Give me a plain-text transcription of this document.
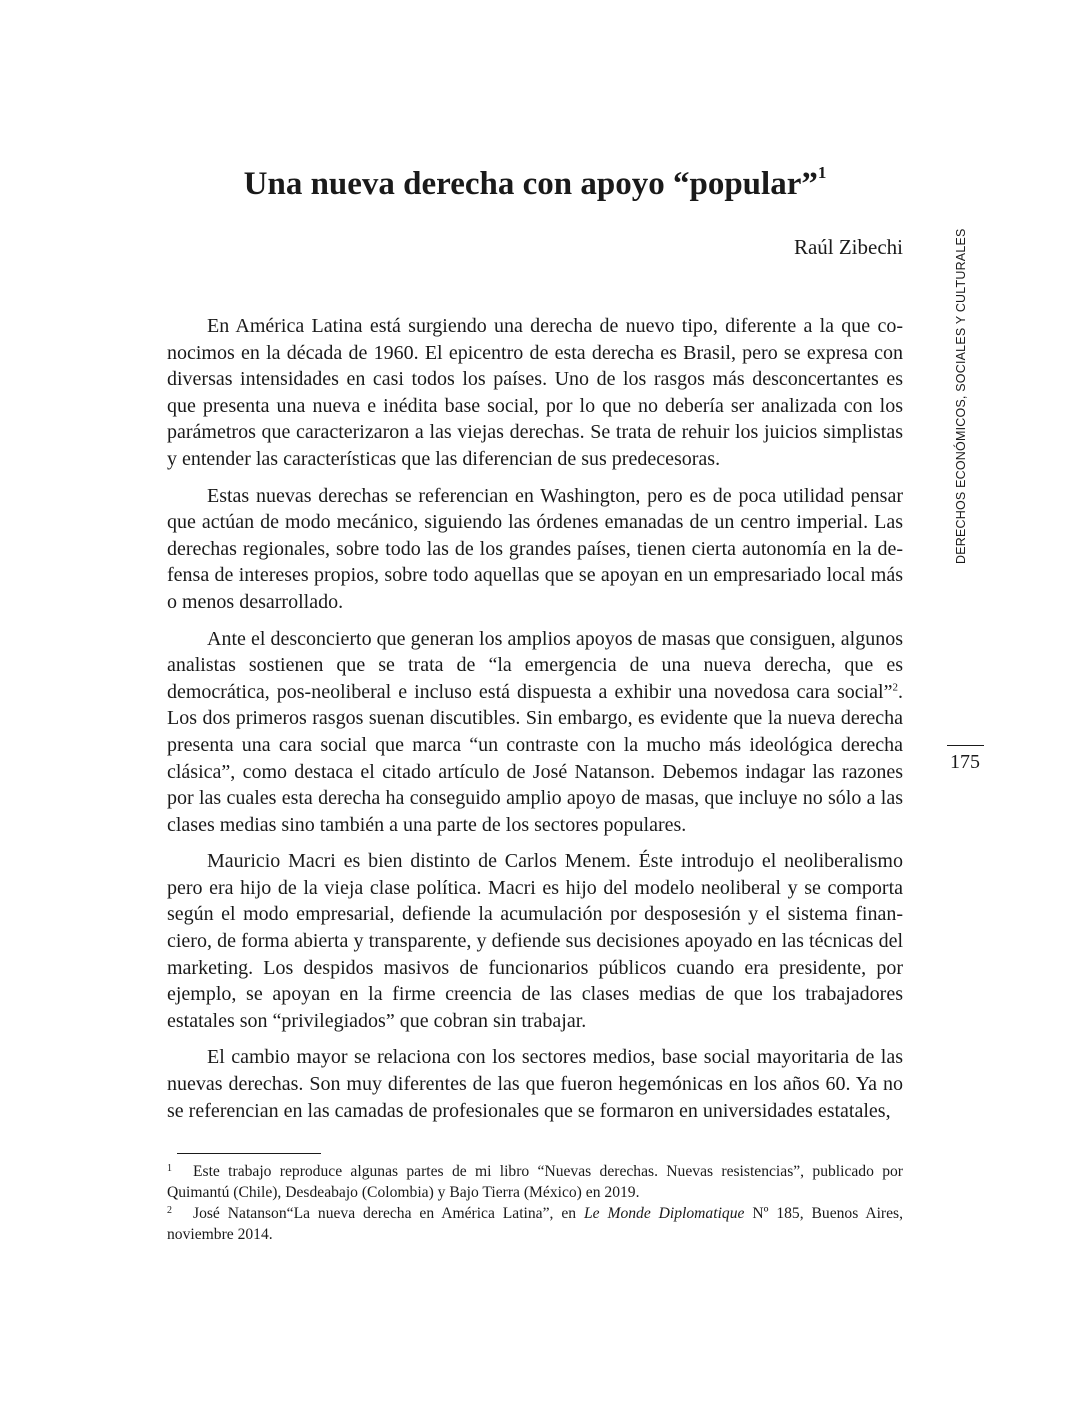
Una nueva derecha con apoyo “popular”$^1$
Raúl Zibechi

En América Latina está surgiendo una derecha de nuevo tipo, diferente a la que conocimos en la década de 1960. El epicentro de esta derecha es Brasil, pero se expresa con diversas intensidades en casi todos los países. Uno de los rasgos más desconcertantes es que presenta una nueva e inédita base social, por lo que no debería ser analizada con los parámetros que caracterizaron a las viejas derechas. Se trata de rehuir los juicios simplistas y entender las características que las diferencian de sus predecesoras.

Estas nuevas derechas se referencian en Washington, pero es de poca utilidad pensar que actúan de modo mecánico, siguiendo las órdenes emanadas de un centro imperial. Las derechas regionales, sobre todo las de los grandes países, tienen cierta autonomía en la defensa de intereses propios, sobre todo aquellas que se apoyan en un empresariado local más o menos desarrollado.

Ante el desconcierto que generan los amplios apoyos de masas que consiguen, algunos analistas sostienen que se trata de “la emergencia de una nueva derecha, que es democrática, pos-neoliberal e incluso está dispuesta a exhibir una novedosa cara social”$^2$. Los dos primeros rasgos suenan discutibles. Sin embargo, es evidente que la nueva derecha presenta una cara social que marca “un contraste con la mucho más ideológica derecha clásica”, como destaca el citado artículo de José Natanson. Debemos indagar las razones por las cuales esta derecha ha conseguido amplio apoyo de masas, que incluye no sólo a las clases medias sino también a una parte de los sectores populares.

Mauricio Macri es bien distinto de Carlos Menem. Éste introdujo el neoliberalismo pero era hijo de la vieja clase política. Macri es hijo del modelo neoliberal y se comporta según el modo empresarial, defiende la acumulación por desposesión y el sistema financiero, de forma abierta y transparente, y defiende sus decisiones apoyado en las técnicas del marketing. Los despidos masivos de funcionarios públicos cuando era presidente, por ejemplo, se apoyan en la firme creencia de las clases medias de que los trabajadores estatales son “privilegiados” que cobran sin trabajar.

El cambio mayor se relaciona con los sectores medios, base social mayoritaria de las nuevas derechas. Son muy diferentes de las que fueron hegemónicas en los años 60. Ya no se referencian en las camadas de profesionales que se formaron en universidades estatales,

DERECHOS ECONÓMICOS, SOCIALES Y CULTURALES
175

1 Este trabajo reproduce algunas partes de mi libro “Nuevas derechas. Nuevas resistencias”, publicado por Quimantú (Chile), Desdeabajo (Colombia) y Bajo Tierra (México) en 2019.

2 José Natanson“La nueva derecha en América Latina”, en Le Monde Diplomatique Nº 185, Buenos Aires, noviembre 2014.
